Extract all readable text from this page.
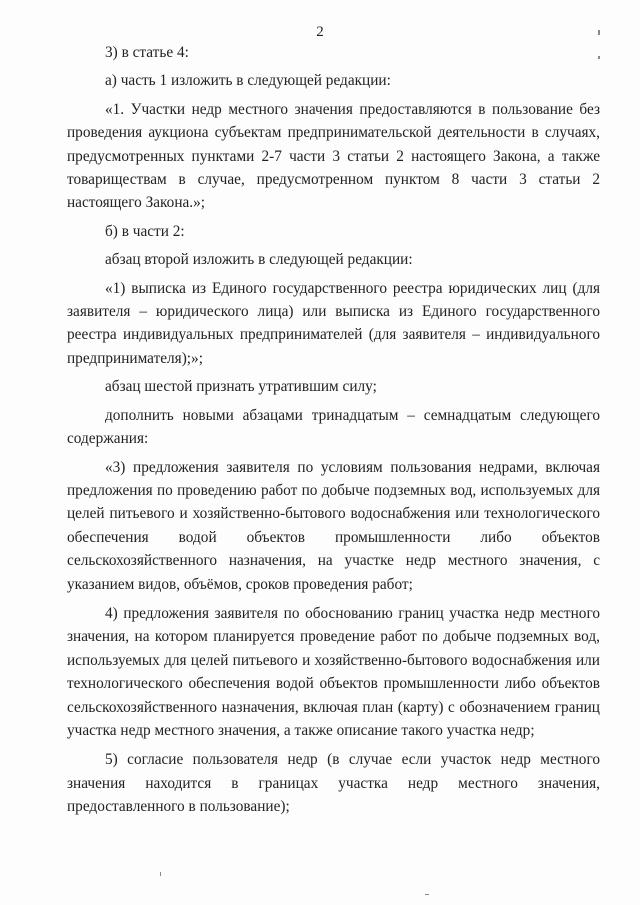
2

3) в статье 4:

а) часть 1 изложить в следующей редакции:

«1. Участки недр местного значения предоставляются в пользование без проведения аукциона субъектам предпринимательской деятельности в случаях, предусмотренных пунктами 2-7 части 3 статьи 2 настоящего Закона, а также товариществам в случае, предусмотренном пунктом 8 части 3 статьи 2 настоящего Закона.»;

б) в части 2:

абзац второй изложить в следующей редакции:

«1) выписка из Единого государственного реестра юридических лиц (для заявителя – юридического лица) или выписка из Единого государственного реестра индивидуальных предпринимателей (для заявителя – индивидуального предпринимателя);»;

абзац шестой признать утратившим силу;

дополнить новыми абзацами тринадцатым – семнадцатым следующего содержания:

«3) предложения заявителя по условиям пользования недрами, включая предложения по проведению работ по добыче подземных вод, используемых для целей питьевого и хозяйственно-бытового водоснабжения или технологического обеспечения водой объектов промышленности либо объектов сельскохозяйственного назначения, на участке недр местного значения, с указанием видов, объёмов, сроков проведения работ;

4) предложения заявителя по обоснованию границ участка недр местного значения, на котором планируется проведение работ по добыче подземных вод, используемых для целей питьевого и хозяйственно-бытового водоснабжения или технологического обеспечения водой объектов промышленности либо объектов сельскохозяйственного назначения, включая план (карту) с обозначением границ участка недр местного значения, а также описание такого участка недр;

5) согласие пользователя недр (в случае если участок недр местного значения находится в границах участка недр местного значения, предоставленного в пользование);
